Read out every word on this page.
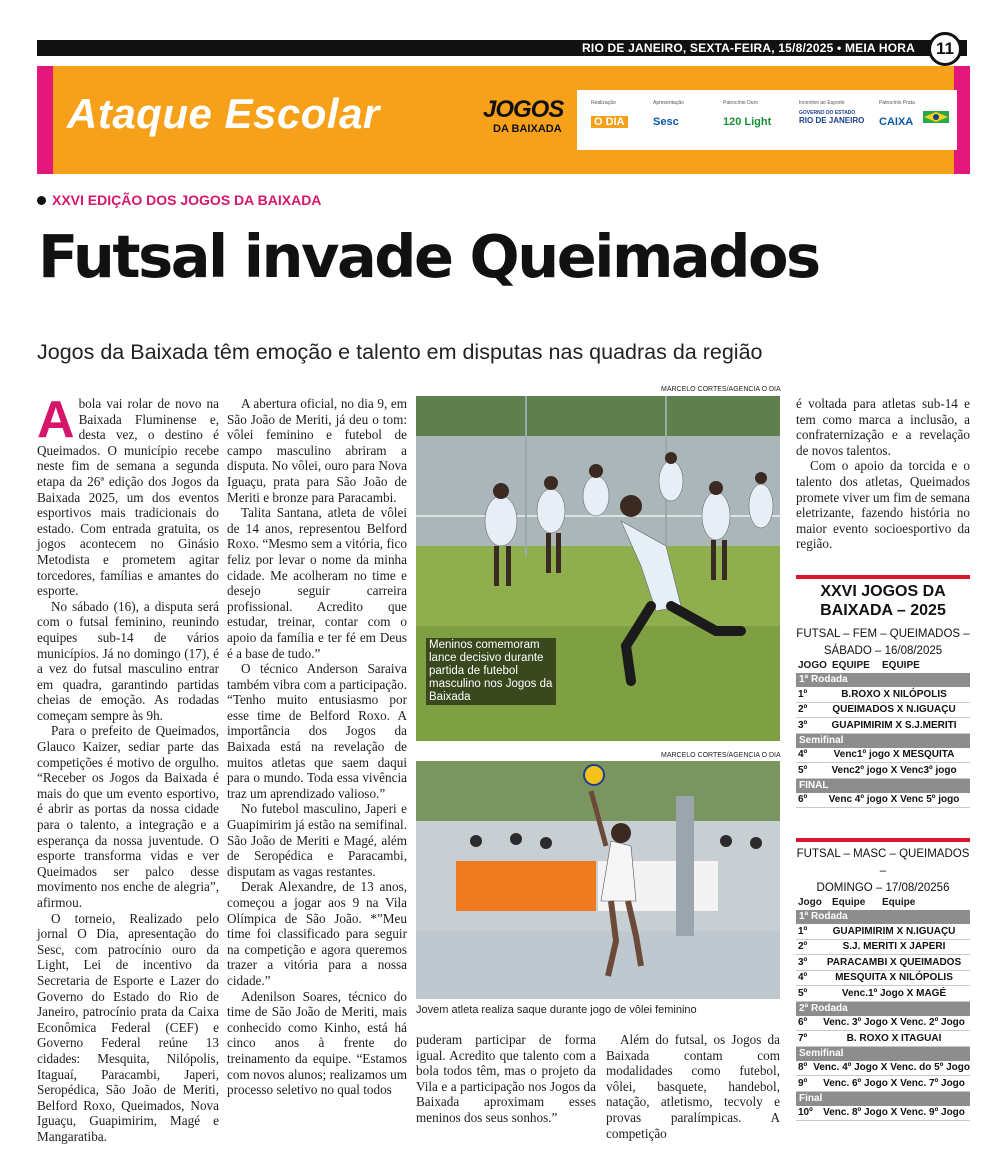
RIO DE JANEIRO, SEXTA-FEIRA, 15/8/2025 • MEIA HORA	11
Ataque Escolar	JOGOS
DA BAIXADA
Realização
O DIA
Apresentação
Sesc
Patrocínio Ouro
120 Light
Incentivo ao Esporte
GOVERNO DO ESTADO
RIO DE JANEIRO
Patrocínio Prata
CAIXA
XXVI EDIÇÃO DOS JOGOS DA BAIXADA
Futsal invade Queimados
Jogos da Baixada têm emoção e talento em disputas nas quadras da região

Abola vai rolar de novo na Baixada Fluminense e, desta vez, o destino é Queimados. O município recebe neste fim de semana a segunda etapa da 26ª edição dos Jogos da Baixada 2025, um dos eventos esportivos mais tradicionais do estado. Com entrada gratuita, os jogos acontecem no Ginásio Metodista e prometem agitar torcedores, famílias e amantes do esporte.

No sábado (16), a disputa será com o futsal feminino, reunindo equipes sub-14 de vários municípios. Já no domingo (17), é a vez do futsal masculino entrar em quadra, garantindo partidas cheias de emoção. As rodadas começam sempre às 9h.

Para o prefeito de Queimados, Glauco Kaizer, sediar parte das competições é motivo de orgulho. “Receber os Jogos da Baixada é mais do que um evento esportivo, é abrir as portas da nossa cidade para o talento, a integração e a esperança da nossa juventude. O esporte transforma vidas e ver Queimados ser palco desse movimento nos enche de alegria”, afirmou.

O torneio, Realizado pelo jornal O Dia, apresentação do Sesc, com patrocínio ouro da Light, Lei de incentivo da Secretaria de Esporte e Lazer do Governo do Estado do Rio de Janeiro, patrocínio prata da Caixa Econômica Federal (CEF) e Governo Federal reúne 13 cidades: Mesquita, Nilópolis, Itaguaí, Paracambi, Japeri, Seropédica, São João de Meriti, Belford Roxo, Queimados, Nova Iguaçu, Guapimirim, Magé e Mangaratiba.

A abertura oficial, no dia 9, em São João de Meriti, já deu o tom: vôlei feminino e futebol de campo masculino abriram a disputa. No vôlei, ouro para Nova Iguaçu, prata para São João de Meriti e bronze para Paracambi.

Talita Santana, atleta de vôlei de 14 anos, representou Belford Roxo. “Mesmo sem a vitória, fico feliz por levar o nome da minha cidade. Me acolheram no time e desejo seguir carreira profissional. Acredito que estudar, treinar, contar com o apoio da família e ter fé em Deus é a base de tudo.”

O técnico Anderson Saraiva também vibra com a participação. “Tenho muito entusiasmo por esse time de Belford Roxo. A importância dos Jogos da Baixada está na revelação de muitos atletas que saem daqui para o mundo. Toda essa vivência traz um aprendizado valioso.”

No futebol masculino, Japeri e Guapimirim já estão na semifinal. São João de Meriti e Magé, além de Seropédica e Paracambi, disputam as vagas restantes.

Derak Alexandre, de 13 anos, começou a jogar aos 9 na Vila Olímpica de São João. *”Meu time foi classificado para seguir na competição e agora queremos trazer a vitória para a nossa cidade.”

Adenilson Soares, técnico do time de São João de Meriti, mais conhecido como Kinho, está há cinco anos à frente do treinamento da equipe. “Estamos com novos alunos; realizamos um processo seletivo no qual todos

MARCELO CORTES/AGENCIA O DIA
Meninos comemoram lance decisivo durante partida de futebol masculino nos Jogos da Baixada
MARCELO CORTES/AGENCIA O DIA
Jovem atleta realiza saque durante jogo de vôlei feminino

puderam participar de forma igual. Acredito que talento com a bola todos têm, mas o projeto da Vila e a participação nos Jogos da Baixada aproximam esses meninos dos seus sonhos.”

Além do futsal, os Jogos da Baixada contam com modalidades como futebol, vôlei, basquete, handebol, natação, atletismo, tecvoly e provas paralímpicas. A competição

é voltada para atletas sub-14 e tem como marca a inclusão, a confraternização e a revelação de novos talentos.

Com o apoio da torcida e o talento dos atletas, Queimados promete viver um fim de semana eletrizante, fazendo história no maior evento socioesportivo da região.

XXVI JOGOS DA BAIXADA – 2025
FUTSAL – FEM – QUEIMADOS –
SÁBADO – 16/08/2025
JOGO EQUIPE	EQUIPE
1ª Rodada
1º	B.ROXO X NILÓPOLIS
2º	QUEIMADOS X N.IGUAÇU
3º	GUAPIMIRIM X S.J.MERITI
Semifinal
4º	Venc1º jogo X MESQUITA
5º	Venc2º jogo X Venc3º jogo
FINAL
6º	Venc 4º jogo X Venc 5º jogo
FUTSAL – MASC – QUEIMADOS –
DOMINGO – 17/08/20256
Jogo	Equipe	Equipe
1ª Rodada
1º	GUAPIMIRIM X N.IGUAÇU
2º	S.J. MERITI X JAPERI
3º	PARACAMBI X QUEIMADOS
4º	MESQUITA X NILÓPOLIS
5º	Venc.1º Jogo X MAGÉ
2ª Rodada
6º	Venc. 3º Jogo X Venc. 2º Jogo
7º	B. ROXO X ITAGUAI
Semifinal
8º Venc. 4º Jogo X Venc. do 5º Jogo
9º	Venc. 6º Jogo X Venc. 7º Jogo
Final
10º	Venc. 8º Jogo X Venc. 9º Jogo
